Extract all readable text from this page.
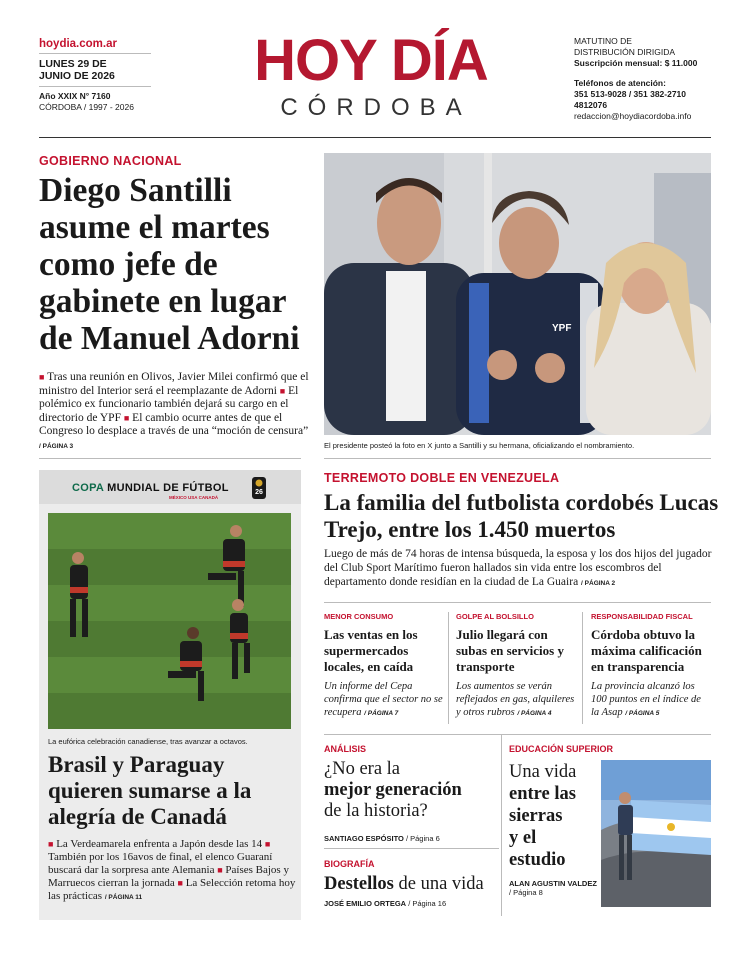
hoydia.com.ar
LUNES 29 DE
JUNIO DE 2026
Año XXIX N° 7160
CÓRDOBA / 1997 - 2026
HOY DÍA
CÓRDOBA
MATUTINO DE
DISTRIBUCIÓN DIRIGIDA
Suscripción mensual: $ 11.000
Teléfonos de atención:
351 513-9028 / 351 382-2710
4812076
redaccion@hoydiacordoba.info
GOBIERNO NACIONAL
Diego Santilli asume el martes como jefe de gabinete en lugar de Manuel Adorni

■ Tras una reunión en Olivos, Javier Milei confirmó que el ministro del Interior será el reemplazante de Adorni ■ El polémico ex funcionario también dejará su cargo en el directorio de YPF ■ El cambio ocurre antes de que el Congreso lo desplace a través de una “moción de censura” / PÁGINA 3

YPF
El presidente posteó la foto en X junto a Santilli y su hermana, oficializando el nombramiento.
COPA MUNDIAL DE FÚTBOL
MÉXICO USA CANADÁ
26
La eufórica celebración canadiense, tras avanzar a octavos.
Brasil y Paraguay quieren sumarse a la alegría de Canadá

■ La Verdeamarela enfrenta a Japón desde las 14 ■ También por los 16avos de final, el elenco Guaraní buscará dar la sorpresa ante Alemania ■ Países Bajos y Marruecos cierran la jornada ■ La Selección retoma hoy las prácticas / PÁGINA 11

TERREMOTO DOBLE EN VENEZUELA
La familia del futbolista cordobés Lucas Trejo, entre los 1.450 muertos

Luego de más de 74 horas de intensa búsqueda, la esposa y los dos hijos del jugador del Club Sport Marítimo fueron hallados sin vida entre los escombros del departamento donde residían en la ciudad de La Guaira / PÁGINA 2

MENOR CONSUMO
Las ventas en los supermercados locales, en caída
Un informe del Cepa confirma que el sector no se recupera / PÁGINA 7
GOLPE AL BOLSILLO
Julio llegará con subas en servicios y transporte
Los aumentos se verán reflejados en gas, alquileres y otros rubros / PÁGINA 4
RESPONSABILIDAD FISCAL
Córdoba obtuvo la máxima calificación en transparencia
La provincia alcanzó los 100 puntos en el índice de la Asap / PÁGINA 5
ANÁLISIS
¿No era la
mejor generación
de la historia?
SANTIAGO ESPÓSITO / Página 6
BIOGRAFÍA
Destellos de una vida
JOSÉ EMILIO ORTEGA / Página 16
EDUCACIÓN SUPERIOR
Una vida
entre las sierras
y el
estudio
ALAN AGUSTIN VALDEZ / Página 8
